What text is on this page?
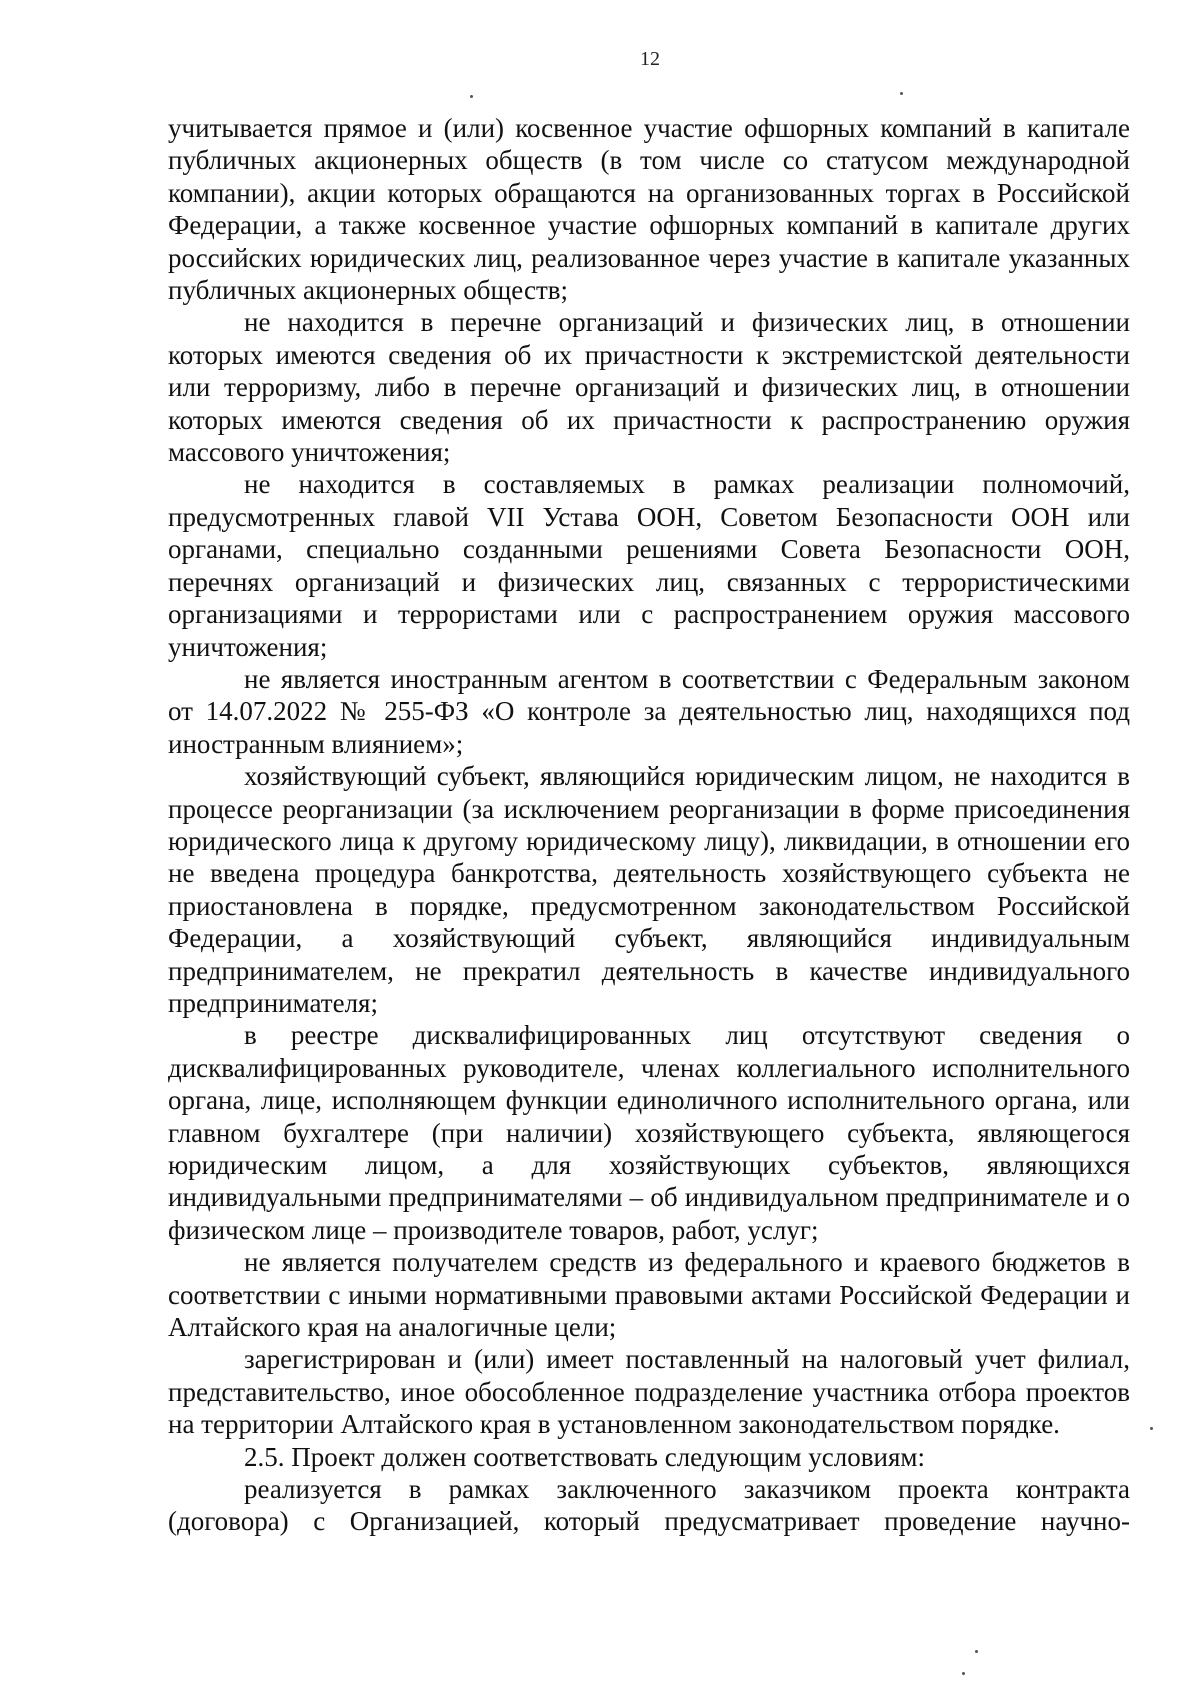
12

учитывается прямое и (или) косвенное участие офшорных компаний в капитале публичных акционерных обществ (в том числе со статусом международной компании), акции которых обращаются на организованных торгах в Российской Федерации, а также косвенное участие офшорных компаний в капитале других российских юридических лиц, реализованное через участие в капитале указанных публичных акционерных обществ;

не находится в перечне организаций и физических лиц, в отношении которых имеются сведения об их причастности к экстремистской деятельности или терроризму, либо в перечне организаций и физических лиц, в отношении которых имеются сведения об их причастности к распространению оружия массового уничтожения;

не находится в составляемых в рамках реализации полномочий, предусмотренных главой VII Устава ООН, Советом Безопасности ООН или органами, специально созданными решениями Совета Безопасности ООН, перечнях организаций и физических лиц, связанных с террористическими организациями и террористами или с распространением оружия массового уничтожения;

не является иностранным агентом в соответствии с Федеральным законом от 14.07.2022 № 255-ФЗ «О контроле за деятельностью лиц, находящихся под иностранным влиянием»;

хозяйствующий субъект, являющийся юридическим лицом, не находится в процессе реорганизации (за исключением реорганизации в форме присоединения юридического лица к другому юридическому лицу), ликвидации, в отношении его не введена процедура банкротства, деятельность хозяйствующего субъекта не приостановлена в порядке, предусмотренном законодательством Российской Федерации, а хозяйствующий субъект, являющийся индивидуальным предпринимателем, не прекратил деятельность в качестве индивидуального предпринимателя;

в реестре дисквалифицированных лиц отсутствуют сведения о дисквалифицированных руководителе, членах коллегиального исполнительного органа, лице, исполняющем функции единоличного исполнительного органа, или главном бухгалтере (при наличии) хозяйствующего субъекта, являющегося юридическим лицом, а для хозяйствующих субъектов, являющихся индивидуальными предпринимателями – об индивидуальном предпринимателе и о физическом лице – производителе товаров, работ, услуг;

не является получателем средств из федерального и краевого бюджетов в соответствии с иными нормативными правовыми актами Российской Федерации и Алтайского края на аналогичные цели;

зарегистрирован и (или) имеет поставленный на налоговый учет филиал, представительство, иное обособленное подразделение участника отбора проектов на территории Алтайского края в установленном законодательством порядке.

2.5. Проект должен соответствовать следующим условиям:

реализуется в рамках заключенного заказчиком проекта контракта (договора) с Организацией, который предусматривает проведение научно-
